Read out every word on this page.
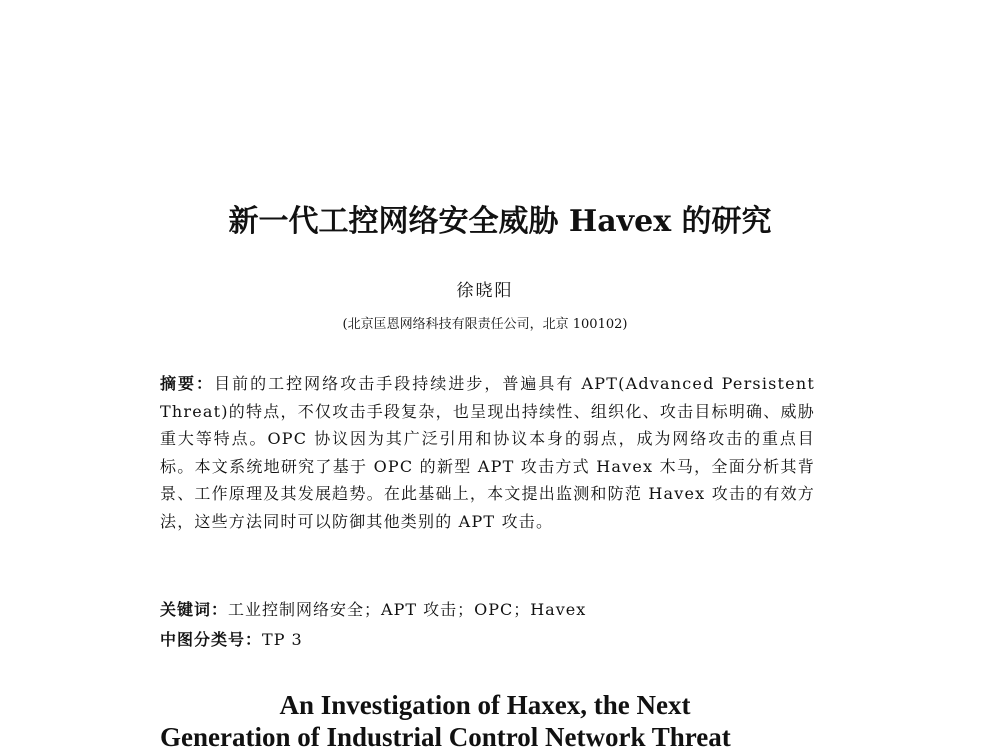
新一代工控网络安全威胁 Havex 的研究
徐晓阳
(北京匡恩网络科技有限责任公司，北京 100102)
摘要：目前的工控网络攻击手段持续进步，普遍具有 APT(Advanced Persistent Threat)的特点，不仅攻击手段复杂，也呈现出持续性、组织化、攻击目标明确、威胁重大等特点。OPC 协议因为其广泛引用和协议本身的弱点，成为网络攻击的重点目标。本文系统地研究了基于 OPC 的新型 APT 攻击方式 Havex 木马，全面分析其背景、工作原理及其发展趋势。在此基础上，本文提出监测和防范 Havex 攻击的有效方法，这些方法同时可以防御其他类别的 APT 攻击。
关键词：工业控制网络安全；APT 攻击；OPC；Havex
中图分类号：TP 3
An Investigation of Haxex, the Next
Generation of Industrial Control Network Threat
